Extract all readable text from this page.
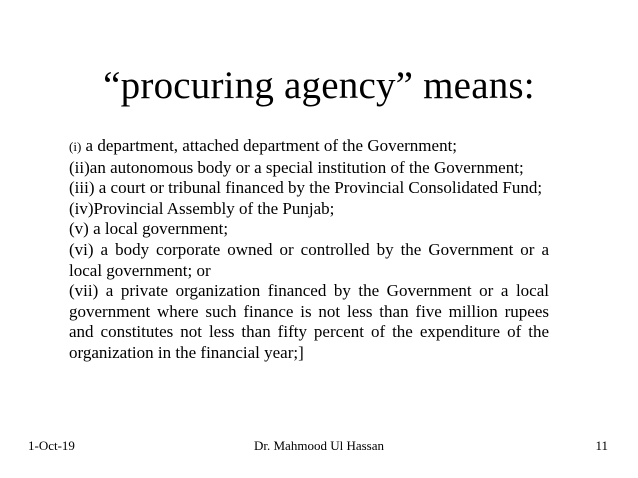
“procuring agency” means:

(i) a department, attached department of the Government;

(ii)an autonomous body or a special institution of the Government;

(iii) a court or tribunal financed by the Provincial Consolidated Fund;

(iv)Provincial Assembly of the Punjab;

(v) a local government;

(vi) a body corporate owned or controlled by the Government or a local government; or

(vii) a private organization financed by the Government or a local government where such finance is not less than five million rupees and constitutes not less than fifty percent of the expenditure of the organization in the financial year;]

1-Oct-19	Dr. Mahmood Ul Hassan	11
